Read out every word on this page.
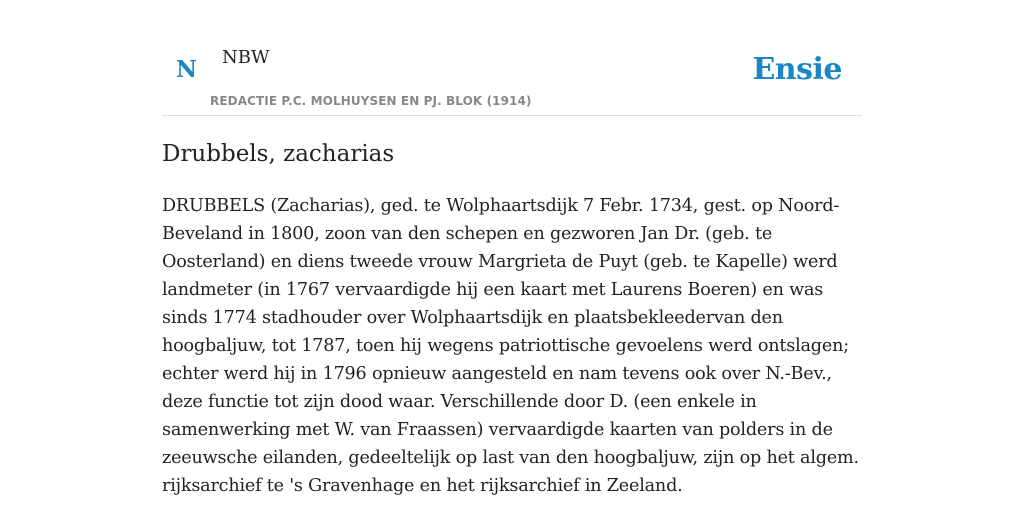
N NBW	Ensie
REDACTIE P.C. MOLHUYSEN EN PJ. BLOK (1914)
Drubbels, zacharias

DRUBBELS (Zacharias), ged. te Wolphaartsdijk 7 Febr. 1734, gest. op Noord-Beveland in 1800, zoon van den schepen en gezworen Jan Dr. (geb. te Oosterland) en diens tweede vrouw Margrieta de Puyt (geb. te Kapelle) werd landmeter (in 1767 vervaardigde hij een kaart met Laurens Boeren) en was sinds 1774 stadhouder over Wolphaartsdijk en plaatsbekleedervan den hoogbaljuw, tot 1787, toen hij wegens patriottische gevoelens werd ontslagen; echter werd hij in 1796 opnieuw aangesteld en nam tevens ook over N.-Bev., deze functie tot zijn dood waar. Verschillende door D. (een enkele in samenwerking met W. van Fraassen) vervaardigde kaarten van polders in de zeeuwsche eilanden, gedeeltelijk op last van den hoogbaljuw, zijn op het algem. rijksarchief te 's Gravenhage en het rijksarchief in Zeeland.
